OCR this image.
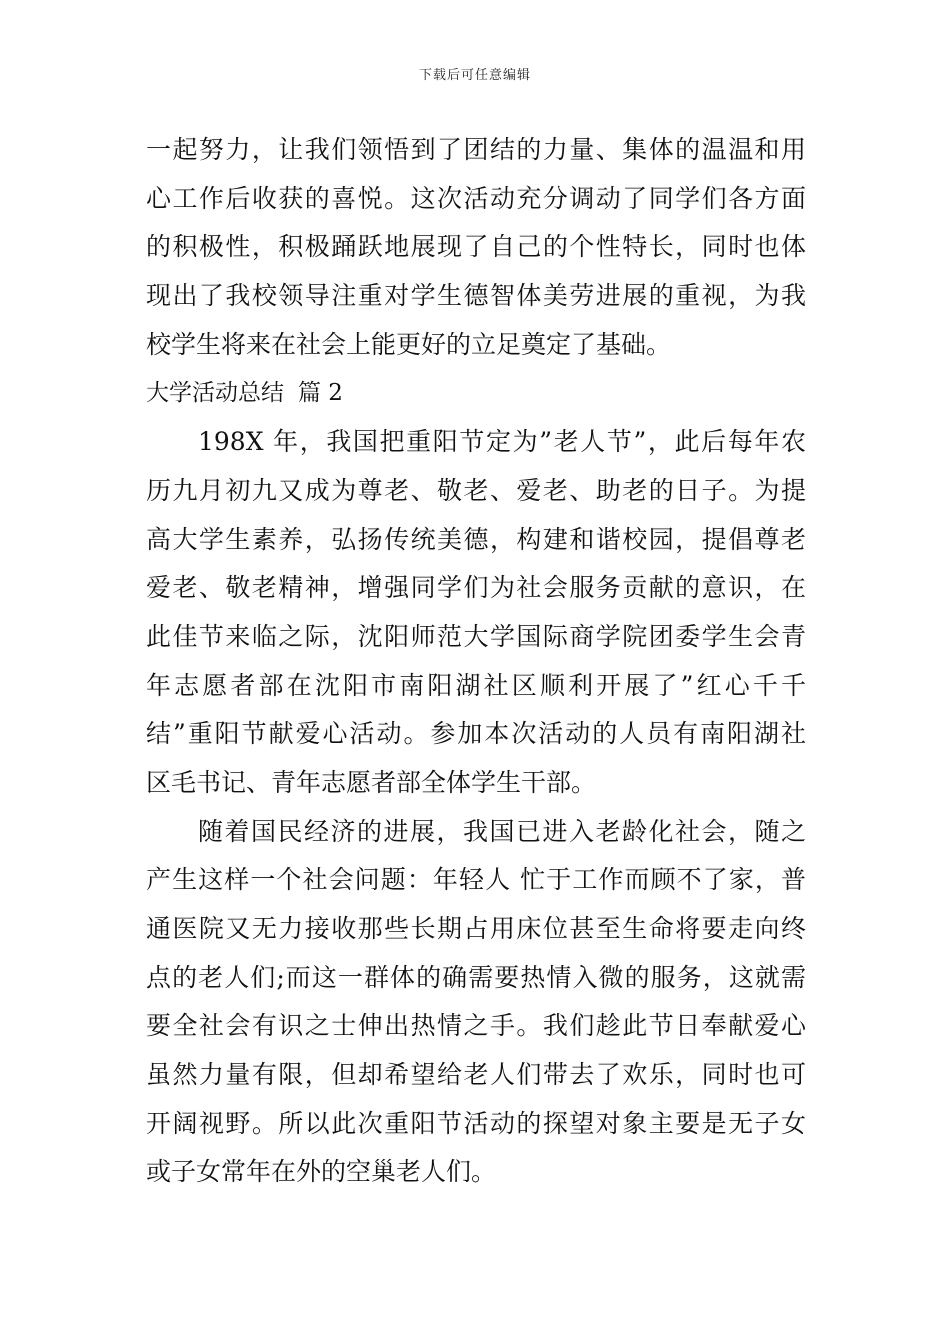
下载后可任意编辑
一起努力，让我们领悟到了团结的力量、集体的温温和用
心工作后收获的喜悦。这次活动充分调动了同学们各方面
的积极性，积极踊跃地展现了自己的个性特长，同时也体
现出了我校领导注重对学生德智体美劳进展的重视，为我
校学生将来在社会上能更好的立足奠定了基础。
大学活动总结 篇 2
198X 年，我国把重阳节定为”老人节”，此后每年农
历九月初九又成为尊老、敬老、爱老、助老的日子。为提
高大学生素养，弘扬传统美德，构建和谐校园，提倡尊老
爱老、敬老精神，增强同学们为社会服务贡献的意识，在
此佳节来临之际，沈阳师范大学国际商学院团委学生会青
年志愿者部在沈阳市南阳湖社区顺利开展了”红心千千
结”重阳节献爱心活动。参加本次活动的人员有南阳湖社
区毛书记、青年志愿者部全体学生干部。
随着国民经济的进展，我国已进入老龄化社会，随之
产生这样一个社会问题：年轻人 忙于工作而顾不了家，普
通医院又无力接收那些长期占用床位甚至生命将要走向终
点的老人们;而这一群体的确需要热情入微的服务，这就需
要全社会有识之士伸出热情之手。我们趁此节日奉献爱心
虽然力量有限，但却希望给老人们带去了欢乐，同时也可
开阔视野。所以此次重阳节活动的探望对象主要是无子女
或子女常年在外的空巢老人们。
